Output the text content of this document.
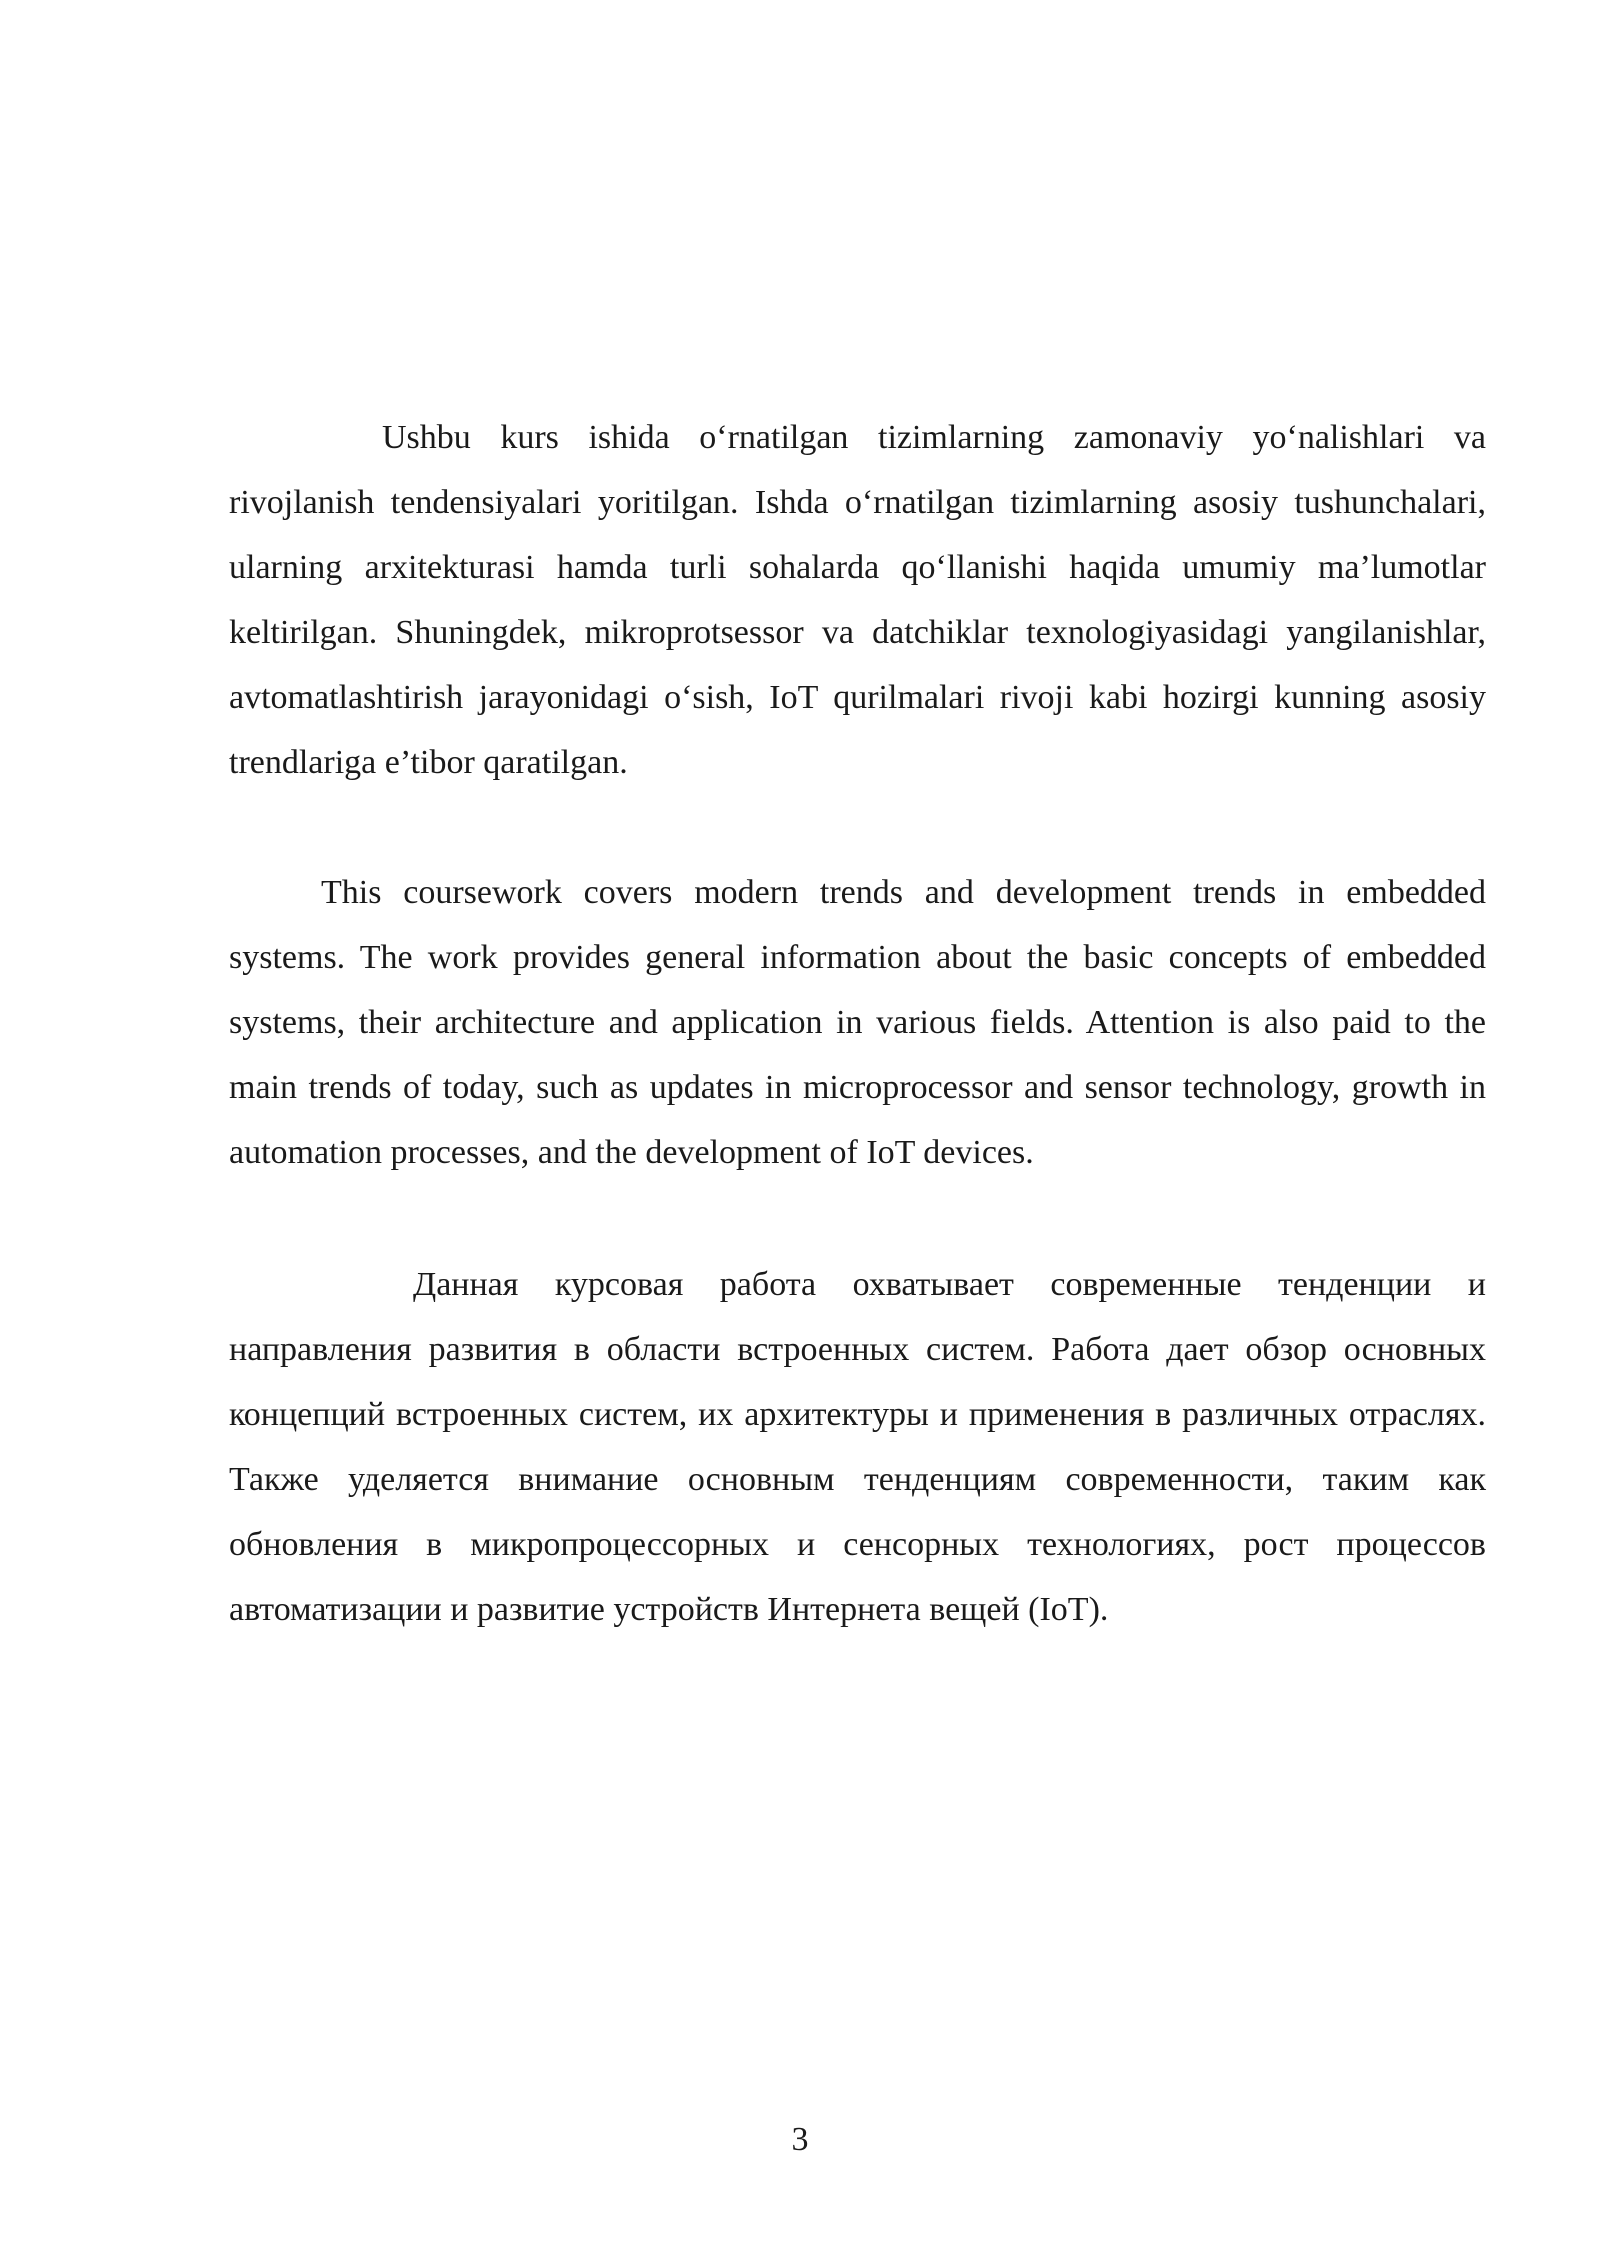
Ushbu kurs ishida o‘rnatilgan tizimlarning zamonaviy yo‘nalishlari va rivojlanish tendensiyalari yoritilgan. Ishda o‘rnatilgan tizimlarning asosiy tushunchalari, ularning arxitekturasi hamda turli sohalarda qo‘llanishi haqida umumiy ma’lumotlar keltirilgan. Shuningdek, mikroprotsessor va datchiklar texnologiyasidagi yangilanishlar, avtomatlashtirish jarayonidagi o‘sish, IoT qurilmalari rivoji kabi hozirgi kunning asosiy trendlariga e’tibor qaratilgan.

This coursework covers modern trends and development trends in embedded systems. The work provides general information about the basic concepts of embedded systems, their architecture and application in various fields. Attention is also paid to the main trends of today, such as updates in microprocessor and sensor technology, growth in automation processes, and the development of IoT devices.

Данная курсовая работа охватывает современные тенденции и направления развития в области встроенных систем. Работа дает обзор основных концепций встроенных систем, их архитектуры и применения в различных отраслях. Также уделяется внимание основным тенденциям современности, таким как обновления в микропроцессорных и сенсорных технологиях, рост процессов автоматизации и развитие устройств Интернета вещей (IoT).

3
